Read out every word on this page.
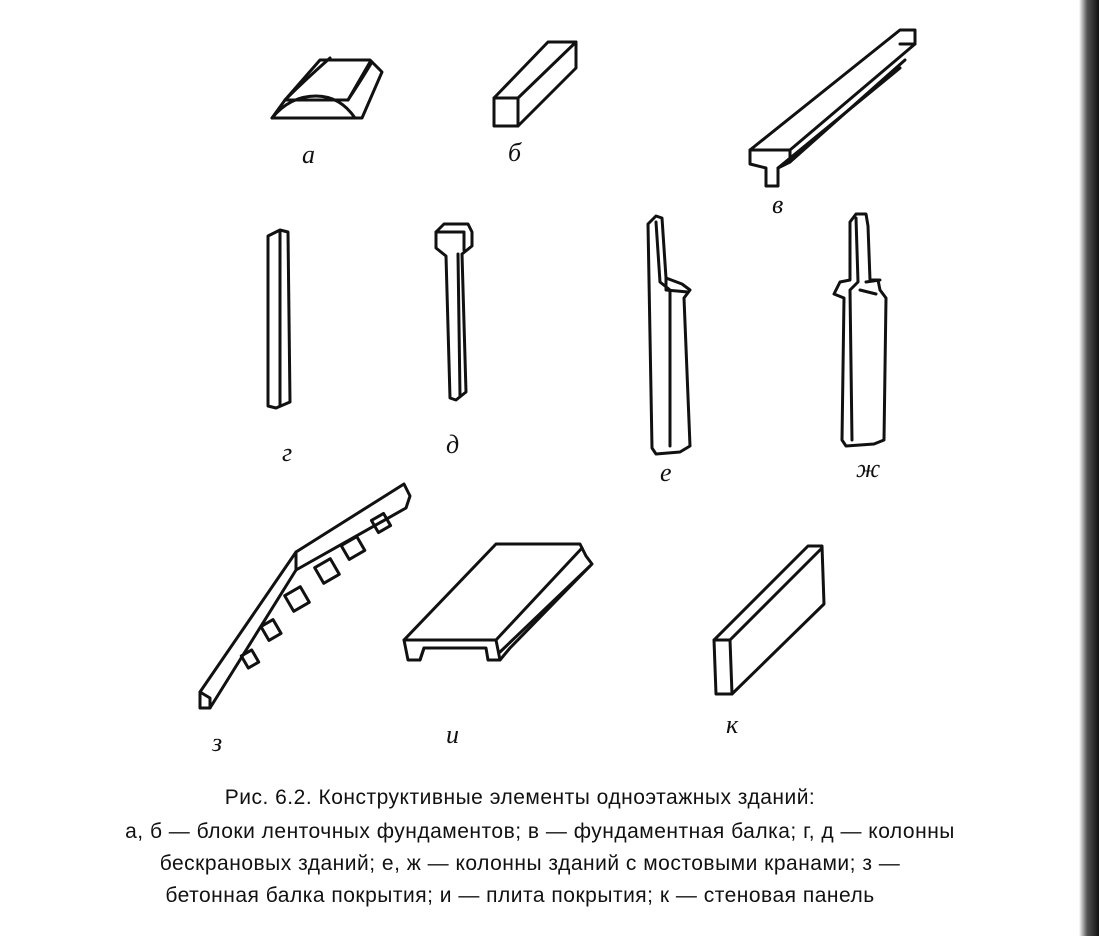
а	б
в
г	д
е	ж
з	и	к
Рис. 6.2. Конструктивные элементы одноэтажных зданий:
а, б — блоки ленточных фундаментов; в — фундаментная балка; г, д — колонны
бескрановых зданий; е, ж — колонны зданий с мостовыми кранами; з —
бетонная балка покрытия; и — плита покрытия; к — стеновая панель
